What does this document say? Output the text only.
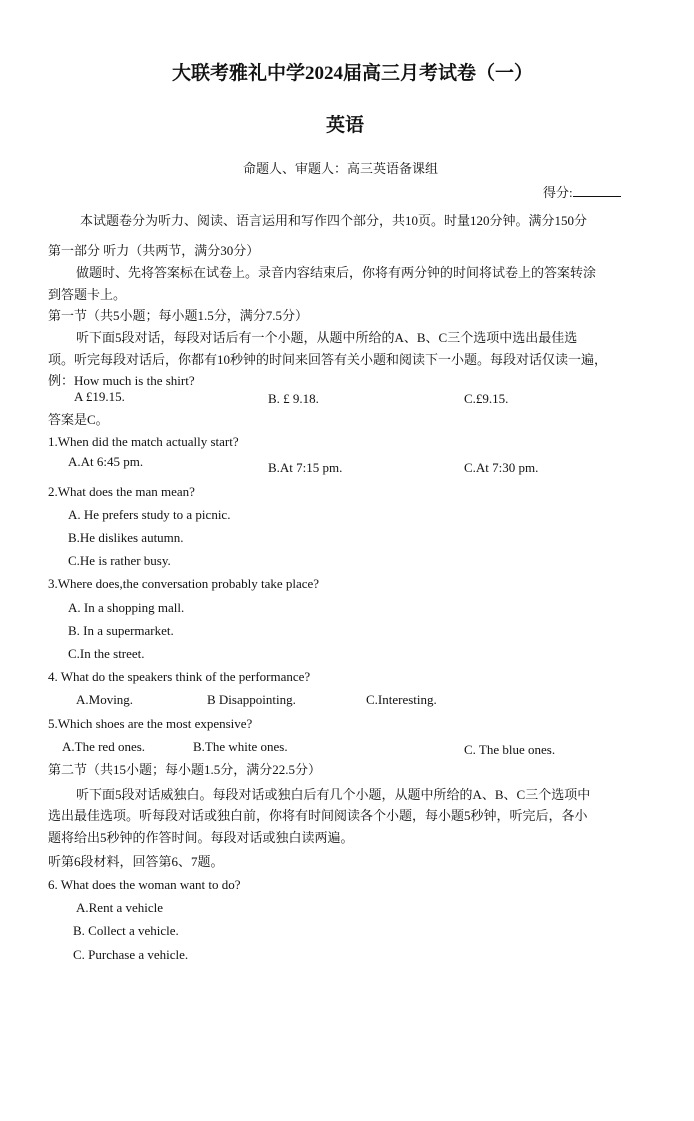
大联考雅礼中学2024届高三月考试卷（一）
英语
命题人、审题人：高三英语备课组
得分:
本试题卷分为听力、阅读、语言运用和写作四个部分，共10页。时量120分钟。满分150分
第一部分 听力（共两节，满分30分）
做题时、先将答案标在试卷上。录音内容结束后，你将有两分钟的时间将试卷上的答案转涂
到答题卡上。
第一节（共5小题；每小题1.5分，满分7.5分）
听下面5段对话，每段对话后有一个小题，从题中所给的A、B、C三个选项中选出最佳选
项。听完每段对话后，你都有10秒钟的时间来回答有关小题和阅读下一小题。每段对话仅读一遍，
例：How much is the shirt?
A £19.15.	B. £ 9.18.	C.£9.15.
答案是C。
1.When did the match actually start?
A.At 6:45 pm.	B.At 7:15 pm.	C.At 7:30 pm.
2.What does the man mean?
A. He prefers study to a picnic.
B.He dislikes autumn.
C.He is rather busy.
3.Where does,the conversation probably take place?
A. In a shopping mall.
B. In a supermarket.
C.In the street.
4. What do the speakers think of the performance?
A.Moving.	B Disappointing.	C.Interesting.
5.Which shoes are the most expensive?
A.The red ones.	B.The white ones.	C. The blue ones.
第二节（共15小题；每小题1.5分，满分22.5分）
听下面5段对话威独白。每段对话或独白后有几个小题，从题中所给的A、B、C三个选项中
选出最佳选项。听每段对话或独白前，你将有时间阅读各个小题，每小题5秒钟，听完后，各小
题将给出5秒钟的作答时间。每段对话或独白读两遍。
听第6段材料，回答第6、7题。
6. What does the woman want to do?
A.Rent a vehicle
B. Collect a vehicle.
C. Purchase a vehicle.
